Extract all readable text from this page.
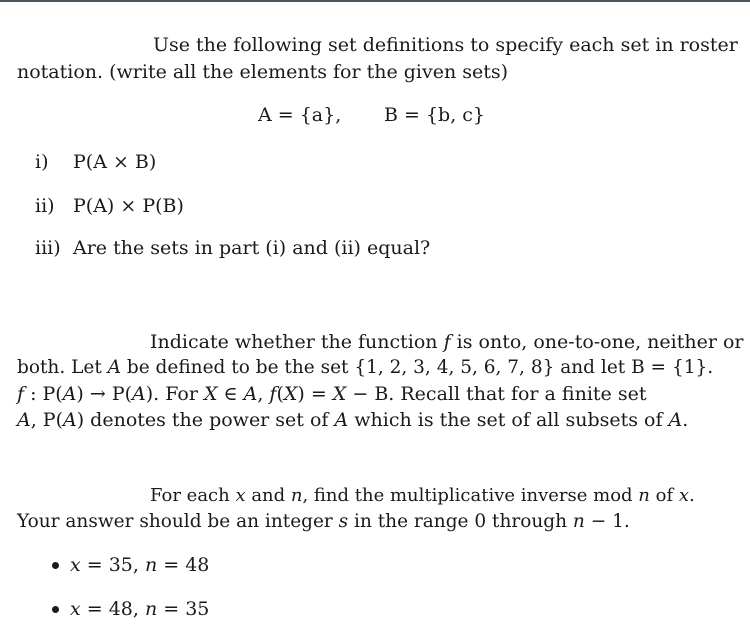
Use the following set definitions to specify each set in roster
notation. (write all the elements for the given sets)
A = {a}, B = {b, c}
i) P(A × B)
ii) P(A) × P(B)
iii) Are the sets in part (i) and (ii) equal?
Indicate whether the function 𝑓 is onto, one-to-one, neither or
both. Let 𝐴 be defined to be the set {1, 2, 3, 4, 5, 6, 7, 8} and let B = {1}.
𝑓 : P(𝐴) → P(𝐴). For 𝑋 ∈ 𝐴, 𝑓(𝑋) = 𝑋 − B. Recall that for a finite set
𝐴, P(𝐴) denotes the power set of 𝐴 which is the set of all subsets of 𝐴.
For each 𝑥 and 𝑛, find the multiplicative inverse mod 𝑛 of 𝑥.
Your answer should be an integer 𝑠 in the range 0 through 𝑛 − 1.
𝑥 = 35, 𝑛 = 48
𝑥 = 48, 𝑛 = 35
